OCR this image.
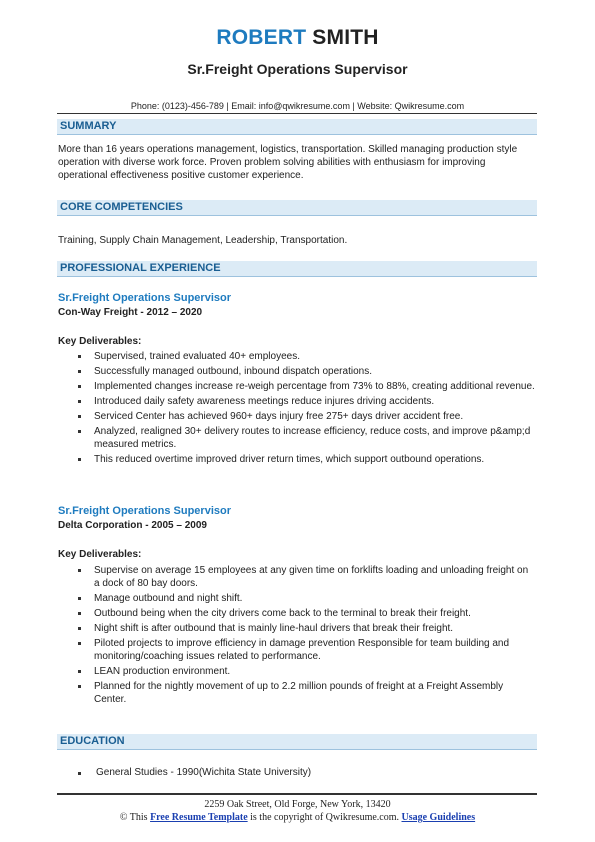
ROBERT SMITH
Sr.Freight Operations Supervisor
Phone: (0123)-456-789 | Email: info@qwikresume.com | Website: Qwikresume.com
SUMMARY
More than 16 years operations management, logistics, transportation. Skilled managing production style operation with diverse work force. Proven problem solving abilities with enthusiasm for improving operational effectiveness positive customer experience.
CORE COMPETENCIES
Training, Supply Chain Management, Leadership, Transportation.
PROFESSIONAL EXPERIENCE
Sr.Freight Operations Supervisor
Con-Way Freight - 2012 – 2020
Key Deliverables:
Supervised, trained evaluated 40+ employees.
Successfully managed outbound, inbound dispatch operations.
Implemented changes increase re-weigh percentage from 73% to 88%, creating additional revenue.
Introduced daily safety awareness meetings reduce injures driving accidents.
Serviced Center has achieved 960+ days injury free 275+ days driver accident free.
Analyzed, realigned 30+ delivery routes to increase efficiency, reduce costs, and improve p&amp;d measured metrics.
This reduced overtime improved driver return times, which support outbound operations.
Sr.Freight Operations Supervisor
Delta Corporation - 2005 – 2009
Key Deliverables:
Supervise on average 15 employees at any given time on forklifts loading and unloading freight on a dock of 80 bay doors.
Manage outbound and night shift.
Outbound being when the city drivers come back to the terminal to break their freight.
Night shift is after outbound that is mainly line-haul drivers that break their freight.
Piloted projects to improve efficiency in damage prevention Responsible for team building and monitoring/coaching issues related to performance.
LEAN production environment.
Planned for the nightly movement of up to 2.2 million pounds of freight at a Freight Assembly Center.
EDUCATION
General Studies - 1990(Wichita State University)
2259 Oak Street, Old Forge, New York, 13420
© This Free Resume Template is the copyright of Qwikresume.com. Usage Guidelines
